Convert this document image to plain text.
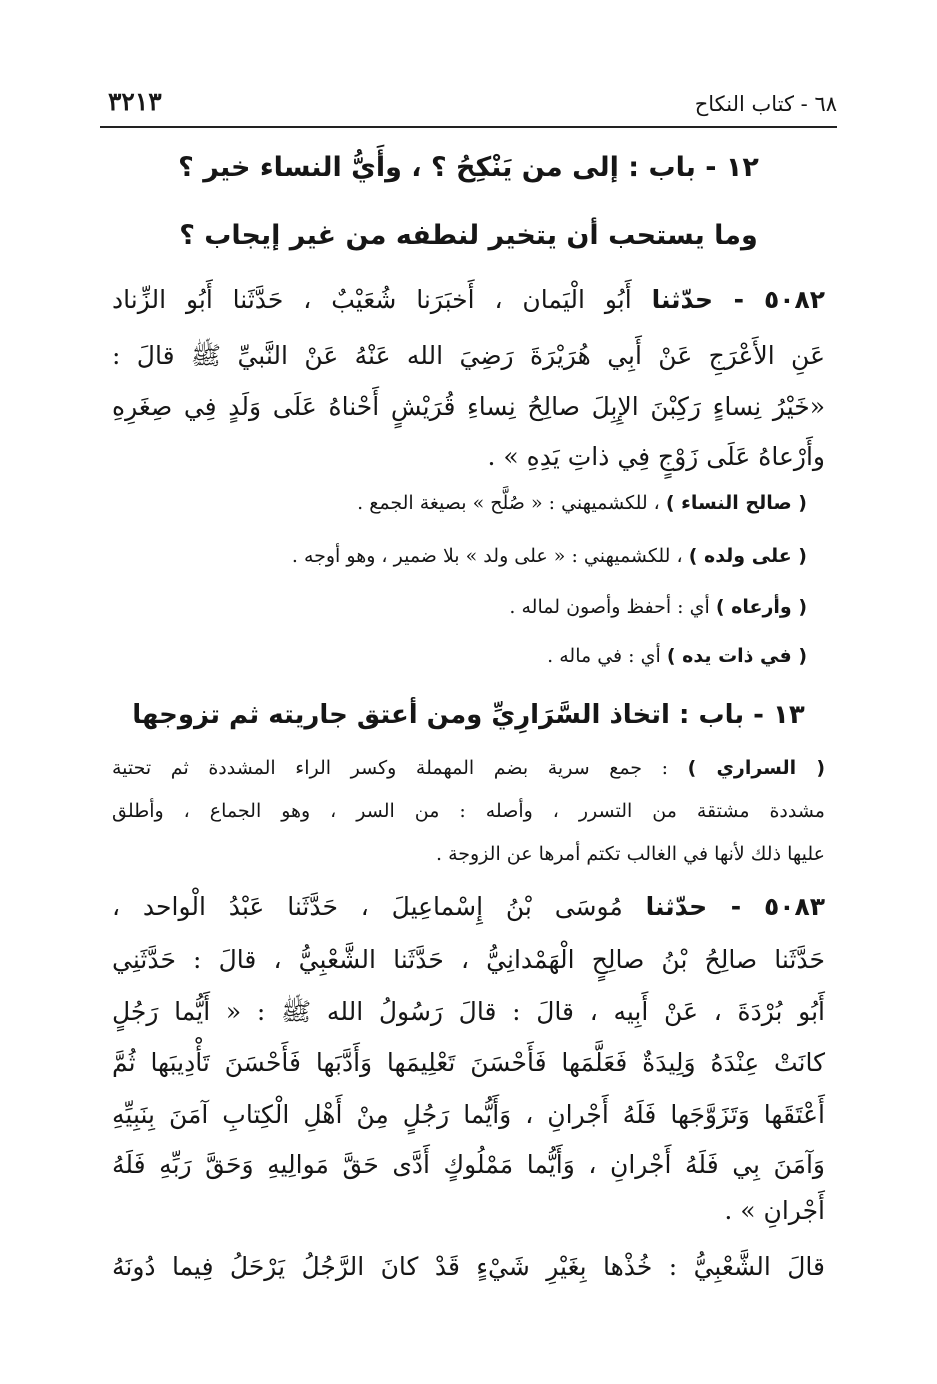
٦٨ - كتاب النكاح
٣٢١٣
١٢ - باب : إلى من يَنْكِحُ ؟ ، وأَيُّ النساء خير ؟
وما يستحب أن يتخير لنطفه من غير إيجاب ؟
٥٠٨٢ - حدّثنا أَبُو الْيَمان ، أَخبَرَنا شُعَيْبٌ ، حَدَّثَنا أَبُو الزِّناد
عَنِ الأَعْرَجِ عَنْ أَبِي هُرَيْرَةَ رَضِيَ الله عَنْهُ عَنْ النَّبيِّ ﷺ قالَ :
«خَيْرُ نِساءٍ رَكِبْنَ الإِبِلَ صالِحُ نِساءِ قُرَيْشٍ أَحْناهُ عَلَى وَلَدٍ فِي صِغَرِهِ
وأَرْعاهُ عَلَى زَوْجٍ فِي ذاتِ يَدِهِ » .
( صالح النساء ) ، للكشميهني : « صُلَّح » بصيغة الجمع .
( على ولده ) ، للكشميهني : « على ولد » بلا ضمير ، وهو أوجه .
( وأرعاه ) أي : أحفظ وأصون لماله .
( في ذات يده ) أي : في ماله .
١٣ - باب : اتخاذ السَّرَارِيِّ ومن أعتق جاريته ثم تزوجها
( السراري ) : جمع سرية بضم المهملة وكسر الراء المشددة ثم تحتية
مشددة مشتقة من التسرر ، وأصله : من السر ، وهو الجماع ، وأطلق
عليها ذلك لأنها في الغالب تكتم أمرها عن الزوجة .
٥٠٨٣ - حدّثنا مُوسَى بْنُ إِسْماعِيلَ ، حَدَّثَنا عَبْدُ الْواحد ،
حَدَّثَنا صالِحُ بْنُ صالِحٍ الْهَمْدانِيُّ ، حَدَّثَنا الشَّعْبِيُّ ، قالَ : حَدَّثَنِي
أَبُو بُرْدَةَ ، عَنْ أَبِيه ، قالَ : قالَ رَسُولُ الله ﷺ : « أَيُّما رَجُلٍ
كانَتْ عِنْدَهُ وَلِيدَةٌ فَعَلَّمَها فَأَحْسَنَ تَعْلِيمَها وَأَدَّبَها فَأَحْسَنَ تَأْدِيبَها ثُمَّ
أَعْتَقَها وَتَزَوَّجَها فَلَهُ أَجْرانِ ، وَأَيُّما رَجُلٍ مِنْ أَهْلِ الْكِتابِ آمَنَ بِنَبِيِّهِ
وَآمَنَ بِي فَلَهُ أَجْرانِ ، وَأَيُّما مَمْلُوكٍ أَدَّى حَقَّ مَوالِيهِ وَحَقَّ رَبِّهِ فَلَهُ
أَجْرانِ » .
قالَ الشَّعْبِيُّ : خُذْها بِغَيْرِ شَيْءٍ قَدْ كانَ الرَّجُلُ يَرْحَلُ فِيما دُونَهُ
